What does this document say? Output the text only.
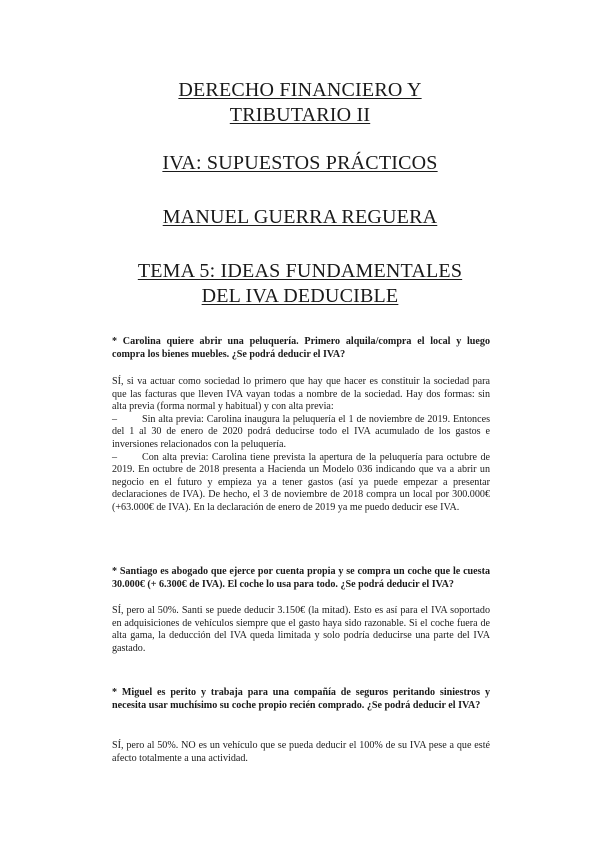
DERECHO FINANCIERO Y
TRIBUTARIO II
IVA: SUPUESTOS PRÁCTICOS
MANUEL GUERRA REGUERA
TEMA 5: IDEAS FUNDAMENTALES
DEL IVA DEDUCIBLE

* Carolina quiere abrir una peluquería. Primero alquila/compra el local y luego compra los bienes muebles. ¿Se podrá deducir el IVA?

SÍ, si va actuar como sociedad lo primero que hay que hacer es constituir la sociedad para que las facturas que lleven IVA vayan todas a nombre de la sociedad. Hay dos formas: sin alta previa (forma normal y habitual) y con alta previa:

– Sin alta previa: Carolina inaugura la peluquería el 1 de noviembre de 2019. Entonces del 1 al 30 de enero de 2020 podrá deducirse todo el IVA acumulado de los gastos e inversiones relacionados con la peluquería.

– Con alta previa: Carolina tiene prevista la apertura de la peluquería para octubre de 2019. En octubre de 2018 presenta a Hacienda un Modelo 036 indicando que va a abrir un negocio en el futuro y empieza ya a tener gastos (así ya puede empezar a presentar declaraciones de IVA). De hecho, el 3 de noviembre de 2018 compra un local por 300.000€ (+63.000€ de IVA). En la declaración de enero de 2019 ya me puedo deducir ese IVA.

* Santiago es abogado que ejerce por cuenta propia y se compra un coche que le cuesta 30.000€ (+ 6.300€ de IVA). El coche lo usa para todo. ¿Se podrá deducir el IVA?

SÍ, pero al 50%. Santi se puede deducir 3.150€ (la mitad). Esto es así para el IVA soportado en adquisiciones de vehículos siempre que el gasto haya sido razonable. Si el coche fuera de alta gama, la deducción del IVA queda limitada y solo podría deducirse una parte del IVA gastado.

* Miguel es perito y trabaja para una compañía de seguros peritando siniestros y necesita usar muchísimo su coche propio recién comprado. ¿Se podrá deducir el IVA?

SÍ, pero al 50%. NO es un vehículo que se pueda deducir el 100% de su IVA pese a que esté afecto totalmente a una actividad.
